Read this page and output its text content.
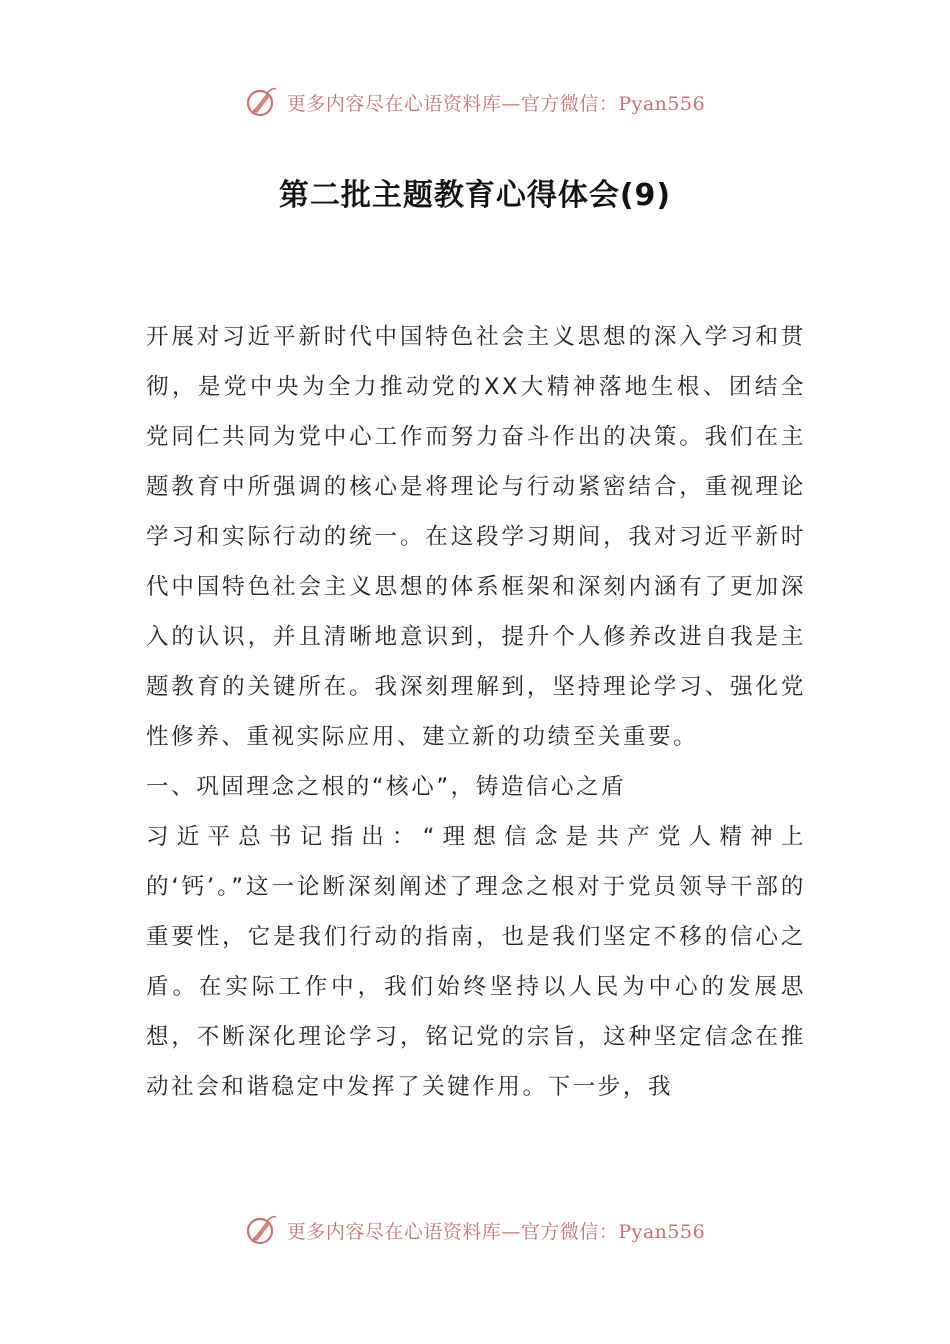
更多内容尽在心语资料库—官方微信：Pyan556
第二批主题教育心得体会(9)

开展对习近平新时代中国特色社会主义思想的深入学习和贯彻，是党中央为全力推动党的XX大精神落地生根、团结全党同仁共同为党中心工作而努力奋斗作出的决策。我们在主题教育中所强调的核心是将理论与行动紧密结合，重视理论学习和实际行动的统一。在这段学习期间，我对习近平新时代中国特色社会主义思想的体系框架和深刻内涵有了更加深入的认识，并且清晰地意识到，提升个人修养改进自我是主题教育的关键所在。我深刻理解到，坚持理论学习、强化党性修养、重视实际应用、建立新的功绩至关重要。

一、巩固理念之根的“核心”，铸造信心之盾

习近平总书记指出：“理想信念是共产党人精神上的‘钙’。”这一论断深刻阐述了理念之根对于党员领导干部的重要性，它是我们行动的指南，也是我们坚定不移的信心之盾。在实际工作中，我们始终坚持以人民为中心的发展思想，不断深化理论学习，铭记党的宗旨，这种坚定信念在推动社会和谐稳定中发挥了关键作用。下一步，我

更多内容尽在心语资料库—官方微信：Pyan556
